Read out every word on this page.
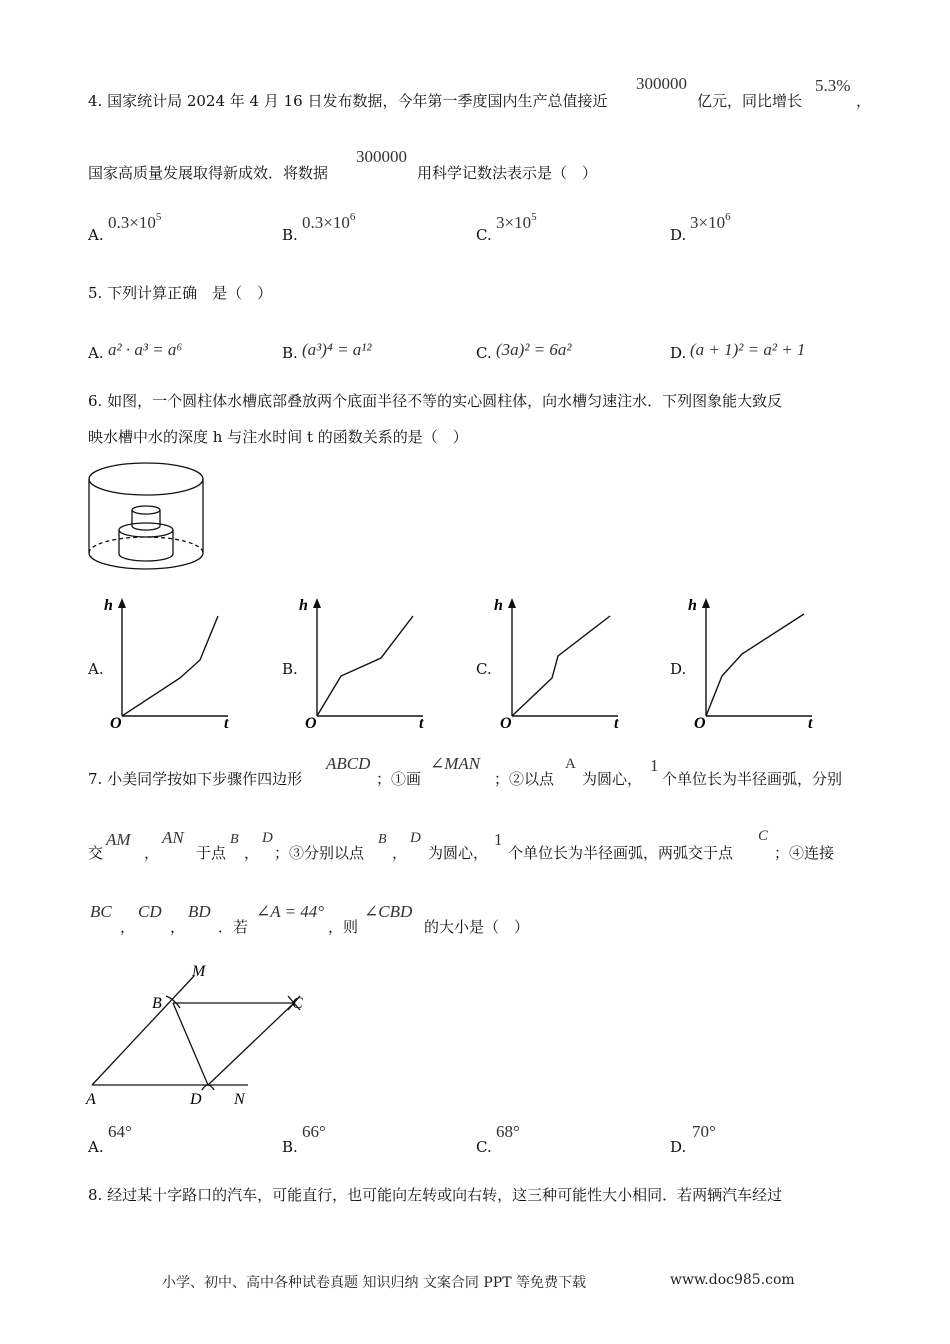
4. 国家统计局 2024 年 4 月 16 日发布数据，今年第一季度国内生产总值接近
300000
亿元，同比增长
5.3%
，
国家高质量发展取得新成效．将数据
300000
用科学记数法表示是（　）
A.
$0.3\times 10^5$
B.
$0.3\times 10^6$
C.
$3\times 10^5$
D.
$3\times 10^6$
5. 下列计算正确　是（　）
A. a² · a³ = a⁶	B. (a³)⁴ = a¹²	C. (3a)² = 6a²	D. (a + 1)² = a² + 1
6. 如图，一个圆柱体水槽底部叠放两个底面半径不等的实心圆柱体，向水槽匀速注水．下列图象能大致反
映水槽中水的深度 h 与注水时间 t 的函数关系的是（　）
A.
h
O	t
B.
h
O	t
C.
h
O	t
D.
h
O	t
7. 小美同学按如下步骤作四边形
ABCD
；①画
∠MAN
；②以点
A
为圆心，
1
个单位长为半径画弧，分别
交
AM
，
AN
于点
B
，
D
；③分别以点
B
，
D
为圆心，
1
个单位长为半径画弧，两弧交于点
C
；④连接
BC
，
CD
，
BD
．若
∠A = 44°
，则
∠CBD
的大小是（　）
M
B	C
A	D N
A.
64°
B.
66°
C.
68°
D.
70°
8. 经过某十字路口的汽车，可能直行，也可能向左转或向右转，这三种可能性大小相同．若两辆汽车经过
小学、初中、高中各种试卷真题 知识归纳 文案合同 PPT 等免费下载	www.doc985.com
